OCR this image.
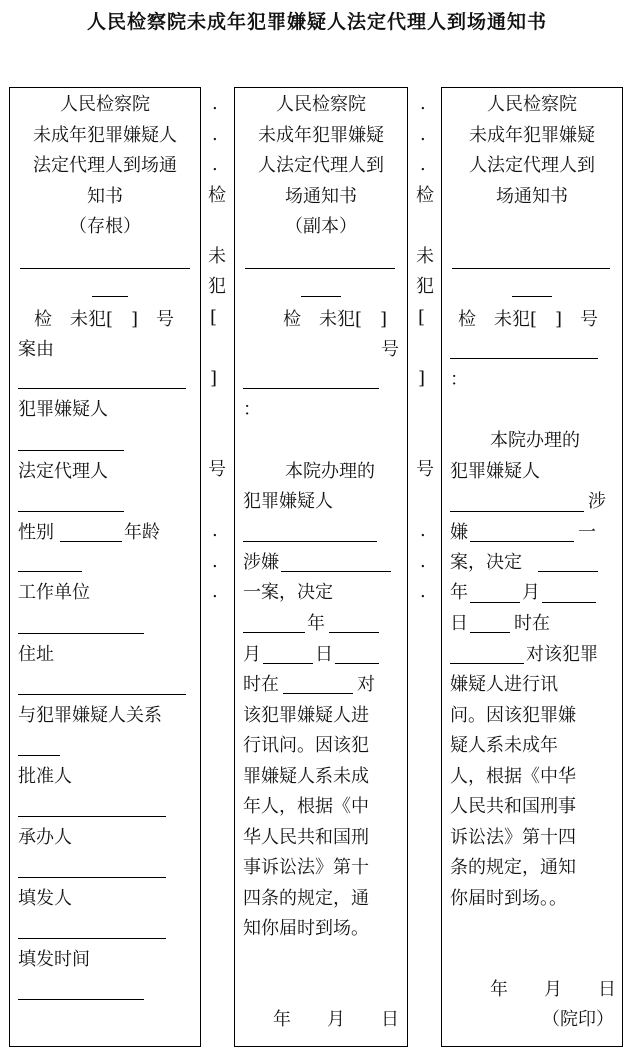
人民检察院未成年犯罪嫌疑人法定代理人到场通知书
人民检察院
未成年犯罪嫌疑人
法定代理人到场通
知书
（存根）
检　未犯[　]　号
案由
犯罪嫌疑人
法定代理人
性别	年龄
工作单位
住址
与犯罪嫌疑人关系
批准人
承办人
填发人
填发时间
.
.
.
检
未
犯
[
]
号
.
.
.
人民检察院
未成年犯罪嫌疑
人法定代理人到
场通知书
（副本）
检　未犯[　]
号
：
本院办理的
犯罪嫌疑人
涉嫌
一案，决定
年
月	日
时在	对
该犯罪嫌疑人进
行讯问。因该犯
罪嫌疑人系未成
年人，根据《中
华人民共和国刑
事诉讼法》第十
四条的规定，通
知你届时到场。
年　　月　　日
.
.
.
检
未
犯
[
]
号
.
.
.
人民检察院
未成年犯罪嫌疑
人法定代理人到
场通知书
检　未犯[　]　号
：
本院办理的
犯罪嫌疑人
涉
嫌	一
案，决定
年	月
日	时在
对该犯罪
嫌疑人进行讯
问。因该犯罪嫌
疑人系未成年
人，根据《中华
人民共和国刑事
诉讼法》第十四
条的规定，通知
你届时到场。。
年　　月　　日
（院印）
